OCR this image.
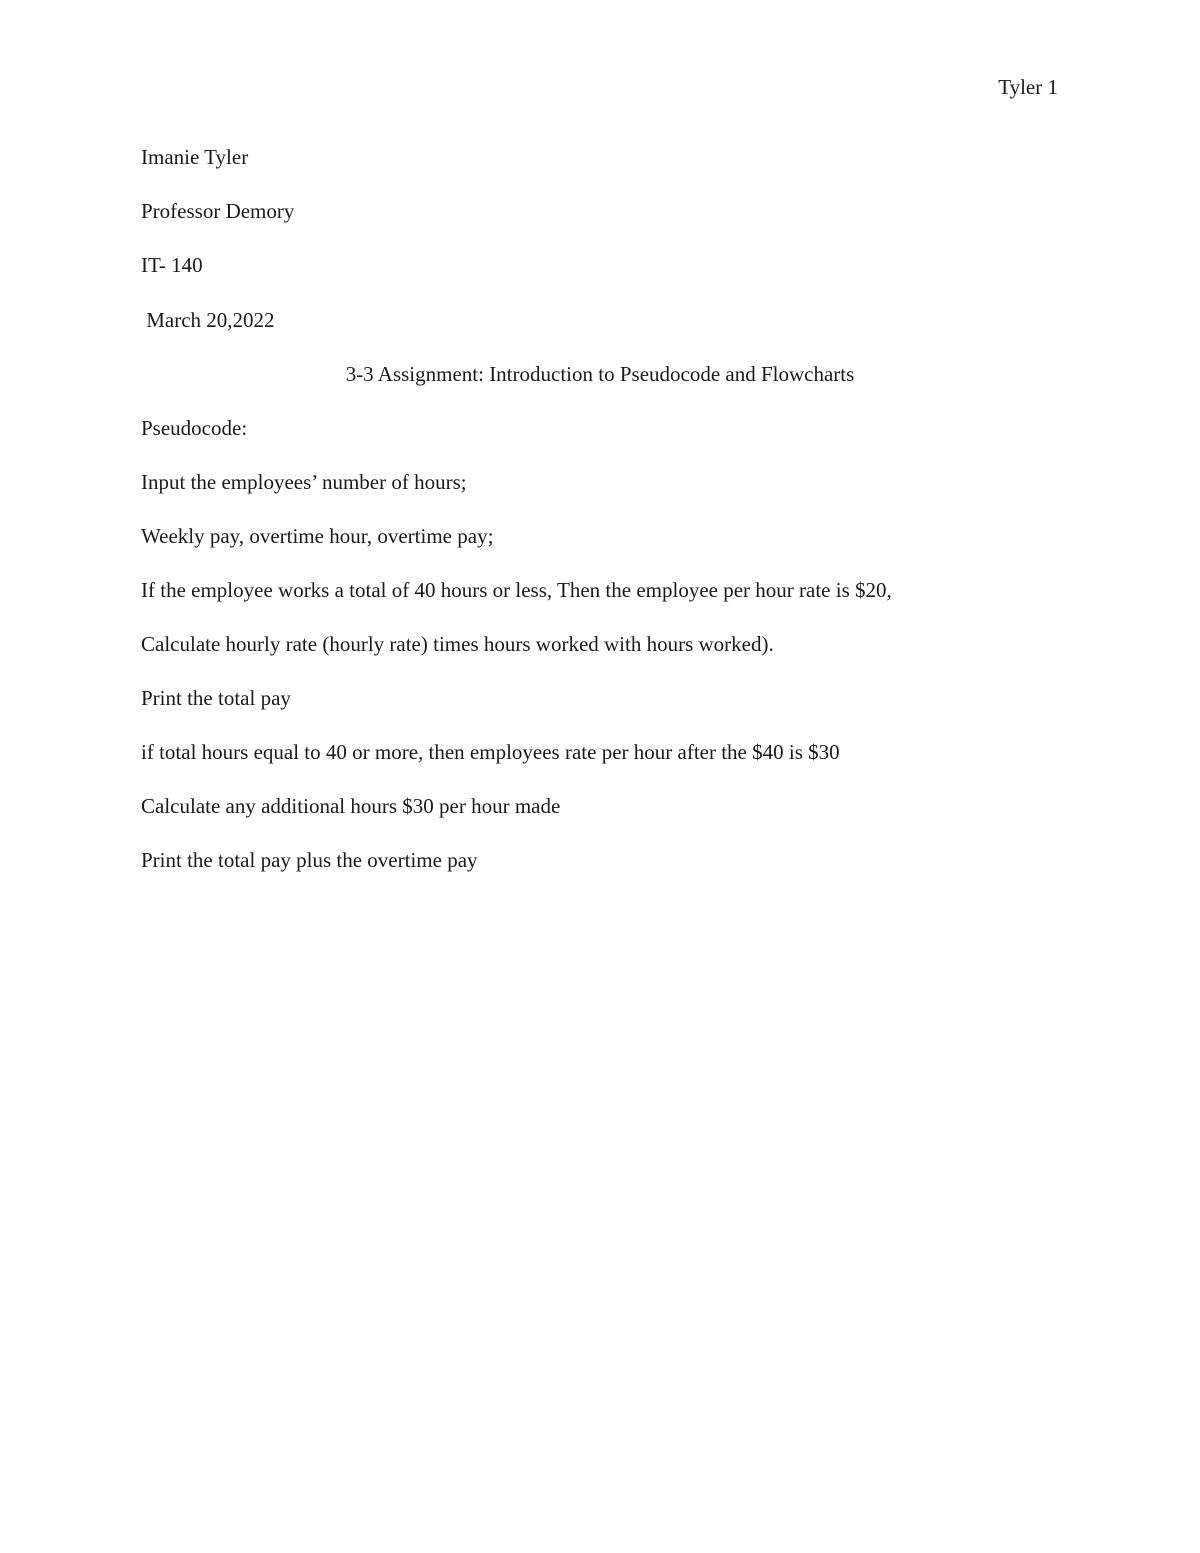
Tyler 1
Imanie Tyler
Professor Demory
IT- 140
March 20,2022
3-3 Assignment: Introduction to Pseudocode and Flowcharts
Pseudocode:
Input the employees’ number of hours;
Weekly pay, overtime hour, overtime pay;
If the employee works a total of 40 hours or less, Then the employee per hour rate is $20,
Calculate hourly rate (hourly rate) times hours worked with hours worked).
Print the total pay
if total hours equal to 40 or more, then employees rate per hour after the $40 is $30
Calculate any additional hours $30 per hour made
Print the total pay plus the overtime pay
